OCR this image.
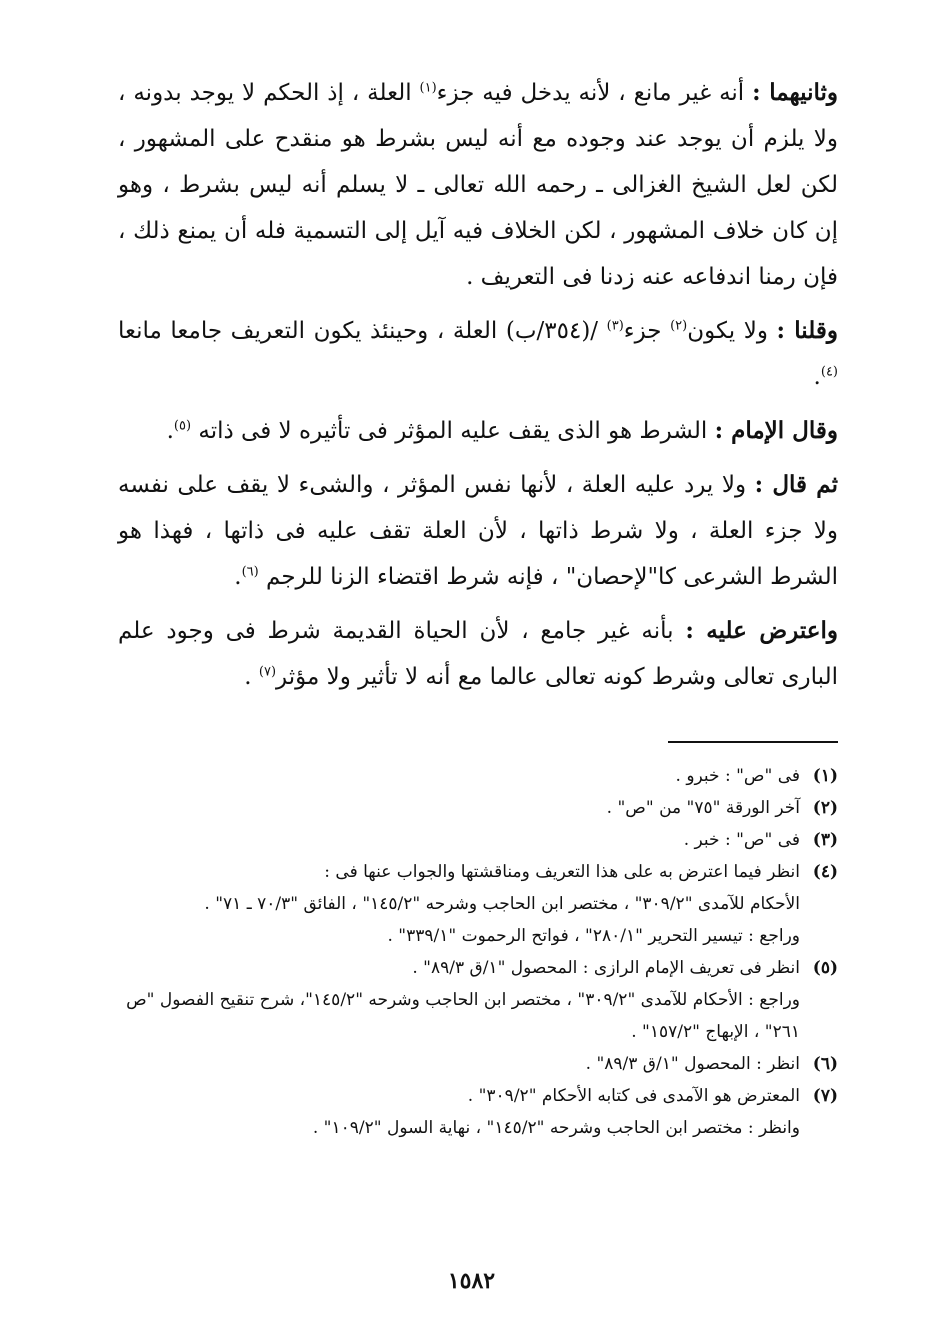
وثانيهما : أنه غير مانع ، لأنه يدخل فيه جزء$^{(١)}$ العلة ، إذ الحكم لا يوجد بدونه ، ولا يلزم أن يوجد عند وجوده مع أنه ليس بشرط هو منقدح على المشهور ، لكن لعل الشيخ الغزالى ـ رحمه الله تعالى ـ لا يسلم أنه ليس بشرط ، وهو إن كان خلاف المشهور ، لكن الخلاف فيه آيل إلى التسمية فله أن يمنع ذلك ، فإن رمنا اندفاعه عنه زدنا فى التعريف .

وقلنا : ولا يكون$^{(٢)}$ جزء$^{(٣)}$ /(٣٥٤/ب) العلة ، وحينئذ يكون التعريف جامعا مانعا $^{(٤)}$.

وقال الإمام : الشرط هو الذى يقف عليه المؤثر فى تأثيره لا فى ذاته $^{(٥)}$.

ثم قال : ولا يرد عليه العلة ، لأنها نفس المؤثر ، والشىء لا يقف على نفسه ولا جزء العلة ، ولا شرط ذاتها ، لأن العلة تقف عليه فى ذاتها ، فهذا هو الشرط الشرعى كا"لإحصان" ، فإنه شرط اقتضاء الزنا للرجم $^{(٦)}$.

واعترض عليه : بأنه غير جامع ، لأن الحياة القديمة شرط فى وجود علم البارى تعالى وشرط كونه تعالى عالما مع أنه لا تأثير ولا مؤثر$^{(٧)}$ .

(١)
فى "ص" : خبرو .
(٢)
آخر الورقة "٧٥" من "ص" .
(٣)
فى "ص" : خبر .
(٤)
انظر فيما اعترض به على هذا التعريف ومناقشتها والجواب عنها فى :
الأحكام للآمدى "٣٠٩/٢" ، مختصر ابن الحاجب وشرحه "١٤٥/٢" ، الفائق "٧٠/٣ ـ ٧١" .
وراجع : تيسير التحرير "٢٨٠/١" ، فواتح الرحموت "٣٣٩/١" .
(٥)
انظر فى تعريف الإمام الرازى : المحصول "١/ق ٨٩/٣" .
وراجع : الأحكام للآمدى "٣٠٩/٢" ، مختصر ابن الحاجب وشرحه "١٤٥/٢"، شرح تنقيح الفصول "ص ٢٦١" ، الإبهاج "١٥٧/٢" .
(٦)
انظر : المحصول "١/ق ٨٩/٣" .
(٧)
المعترض هو الآمدى فى كتابه الأحكام "٣٠٩/٢" .
وانظر : مختصر ابن الحاجب وشرحه "١٤٥/٢" ، نهاية السول "١٠٩/٢" .
١٥٨٢
